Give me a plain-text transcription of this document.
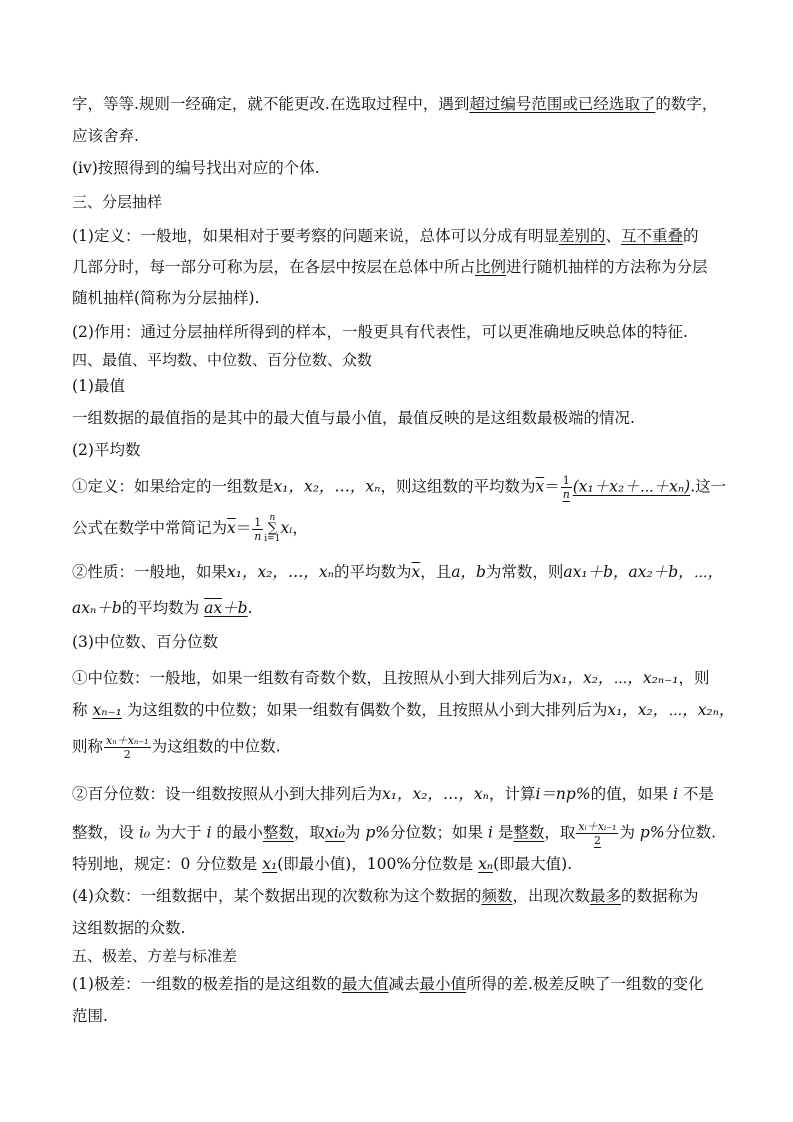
字，等等.规则一经确定，就不能更改.在选取过程中，遇到超过编号范围或已经选取了的数字，
应该舍弃.
(ⅳ)按照得到的编号找出对应的个体.
三、分层抽样
(1)定义：一般地，如果相对于要考察的问题来说，总体可以分成有明显差别的、互不重叠的
几部分时，每一部分可称为层，在各层中按层在总体中所占比例进行随机抽样的方法称为分层
随机抽样(简称为分层抽样).
(2)作用：通过分层抽样所得到的样本，一般更具有代表性，可以更准确地反映总体的特征.
四、最值、平均数、中位数、百分位数、众数
(1)最值
一组数据的最值指的是其中的最大值与最小值，最值反映的是这组数最极端的情况.
(2)平均数
①定义：如果给定的一组数是x₁，x₂，…，xₙ，则这组数的平均数为$\overline{x}= \frac{1}{n}$ (x₁＋x₂＋⋯＋xₙ).这一
公式在数学中常简记为$\overline{x}= \frac{1}{n}$ n
∑
i=1xᵢ，
②性质：一般地，如果x₁，x₂，…，xₙ的平均数为$\overline{x}$，且a，b为常数，则ax₁＋b，ax₂＋b，⋯，
axₙ＋b的平均数为 ax＋b.
(3)中位数、百分位数
①中位数：一般地，如果一组数有奇数个数，且按照从小到大排列后为x₁，x₂，⋯，x₂ₙ₋₁，则
称 xₙ₋₁ 为这组数的中位数；如果一组数有偶数个数，且按照从小到大排列后为x₁，x₂，⋯，x₂ₙ，
则称 $\frac{\text{xₙ＋xₙ₋₁}}{2}$ 为这组数的中位数.
②百分位数：设一组数按照从小到大排列后为x₁，x₂，…，xₙ，计算i＝np%的值，如果 i 不是
整数，设 i₀ 为大于 i 的最小整数，取xi₀为 p%分位数；如果 i 是整数，取 $\frac{\text{xᵢ＋xᵢ₋₁}}{2}$ 为 p%分位数.
特别地，规定：0 分位数是 x₁(即最小值)，100%分位数是 xₙ(即最大值).
(4)众数：一组数据中，某个数据出现的次数称为这个数据的频数，出现次数最多的数据称为
这组数据的众数.
五、极差、方差与标准差
(1)极差：一组数的极差指的是这组数的最大值减去最小值所得的差.极差反映了一组数的变化
范围.
